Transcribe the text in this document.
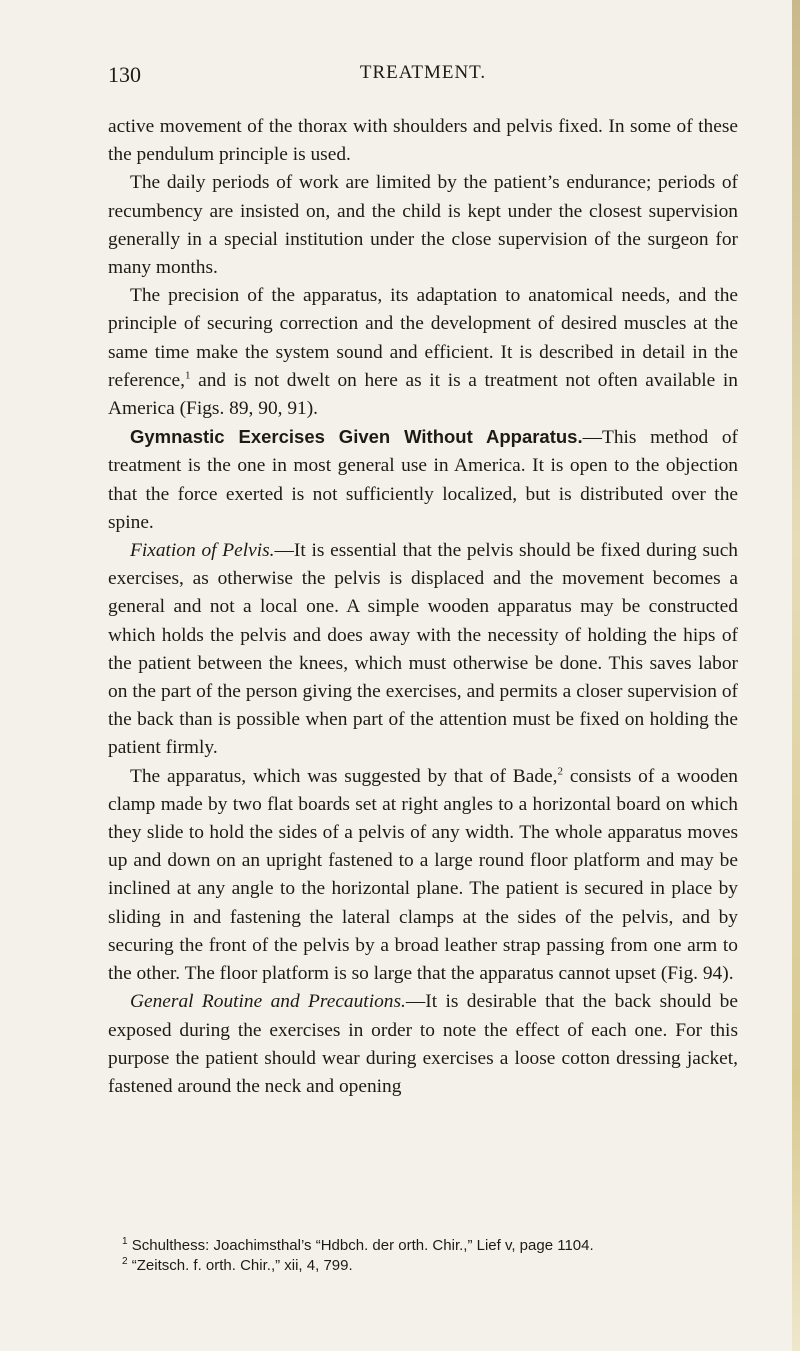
130	TREATMENT.

active movement of the thorax with shoulders and pelvis fixed. In some of these the pendulum principle is used.

The daily periods of work are limited by the patient’s endurance; periods of recumbency are insisted on, and the child is kept under the closest supervision generally in a special institution under the close supervision of the surgeon for many months.

The precision of the apparatus, its adaptation to anatomical needs, and the principle of securing correction and the development of desired muscles at the same time make the system sound and efficient. It is described in detail in the reference,$^1$ and is not dwelt on here as it is a treatment not often available in America (Figs. 89, 90, 91).

Gymnastic Exercises Given Without Apparatus.—This method of treatment is the one in most general use in America. It is open to the objection that the force exerted is not sufficiently localized, but is distributed over the spine.

Fixation of Pelvis.—It is essential that the pelvis should be fixed during such exercises, as otherwise the pelvis is displaced and the movement becomes a general and not a local one. A simple wooden apparatus may be constructed which holds the pelvis and does away with the necessity of holding the hips of the patient between the knees, which must otherwise be done. This saves labor on the part of the person giving the exercises, and permits a closer supervision of the back than is possible when part of the attention must be fixed on holding the patient firmly.

The apparatus, which was suggested by that of Bade,$^2$ consists of a wooden clamp made by two flat boards set at right angles to a horizontal board on which they slide to hold the sides of a pelvis of any width. The whole apparatus moves up and down on an upright fastened to a large round floor platform and may be inclined at any angle to the horizontal plane. The patient is secured in place by sliding in and fastening the lateral clamps at the sides of the pelvis, and by securing the front of the pelvis by a broad leather strap passing from one arm to the other. The floor platform is so large that the apparatus cannot upset (Fig. 94).

General Routine and Precautions.—It is desirable that the back should be exposed during the exercises in order to note the effect of each one. For this purpose the patient should wear during exercises a loose cotton dressing jacket, fastened around the neck and opening

$^1$ Schulthess: Joachimsthal’s “Hdbch. der orth. Chir.,” Lief v, page 1104.

$^2$ “Zeitsch. f. orth. Chir.,” xii, 4, 799.
